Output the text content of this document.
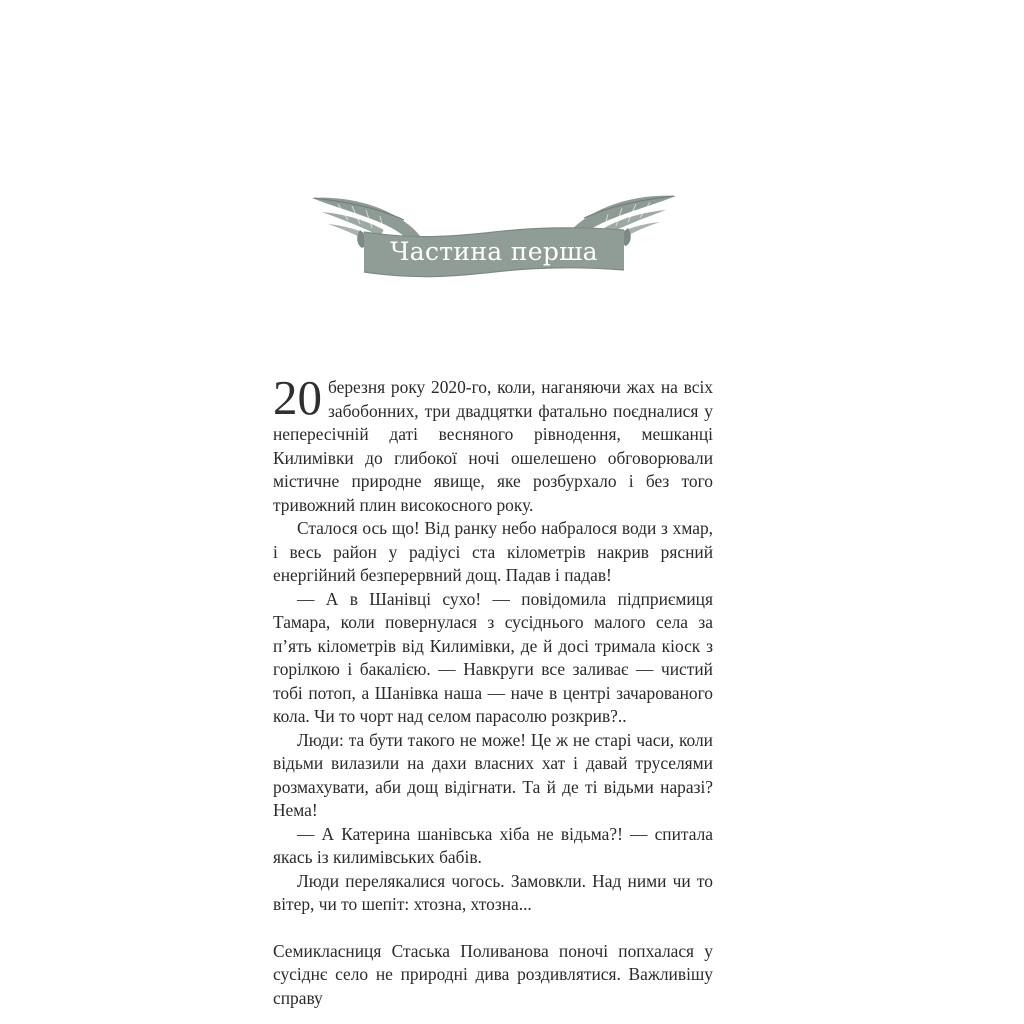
Частина перша

20 березня року 2020-го, коли, наганяючи жах на всіх забобонних, три двадцятки фатально поєдналися у непересічній даті весняного рівнодення, мешканці Килимівки до глибокої ночі ошелешено обговорювали містичне природне явище, яке розбурхало і без того тривожний плин високосного року.

Сталося ось що! Від ранку небо набралося води з хмар, і весь район у радіусі ста кілометрів накрив рясний енергійний безперервний дощ. Падав і падав!

— А в Шанівці сухо! — повідомила підприємиця Тамара, коли повернулася з сусіднього малого села за п’ять кілометрів від Килимівки, де й досі тримала кіоск з горілкою і бакалією. — Навкруги все заливає — чистий тобі потоп, а Шанівка наша — наче в центрі зачарованого кола. Чи то чорт над селом парасолю розкрив?..

Люди: та бути такого не може! Це ж не старі часи, коли відьми вилазили на дахи власних хат і давай труселями розмахувати, аби дощ відігнати. Та й де ті відьми наразі? Нема!

— А Катерина шанівська хіба не відьма?! — спитала якась із килимівських бабів.

Люди перелякалися чогось. Замовкли. Над ними чи то вітер, чи то шепіт: хтозна, хтозна...

Семикласниця Стаська Поливанова поночі попхалася у сусіднє село не природні дива роздивлятися. Важливішу справу
